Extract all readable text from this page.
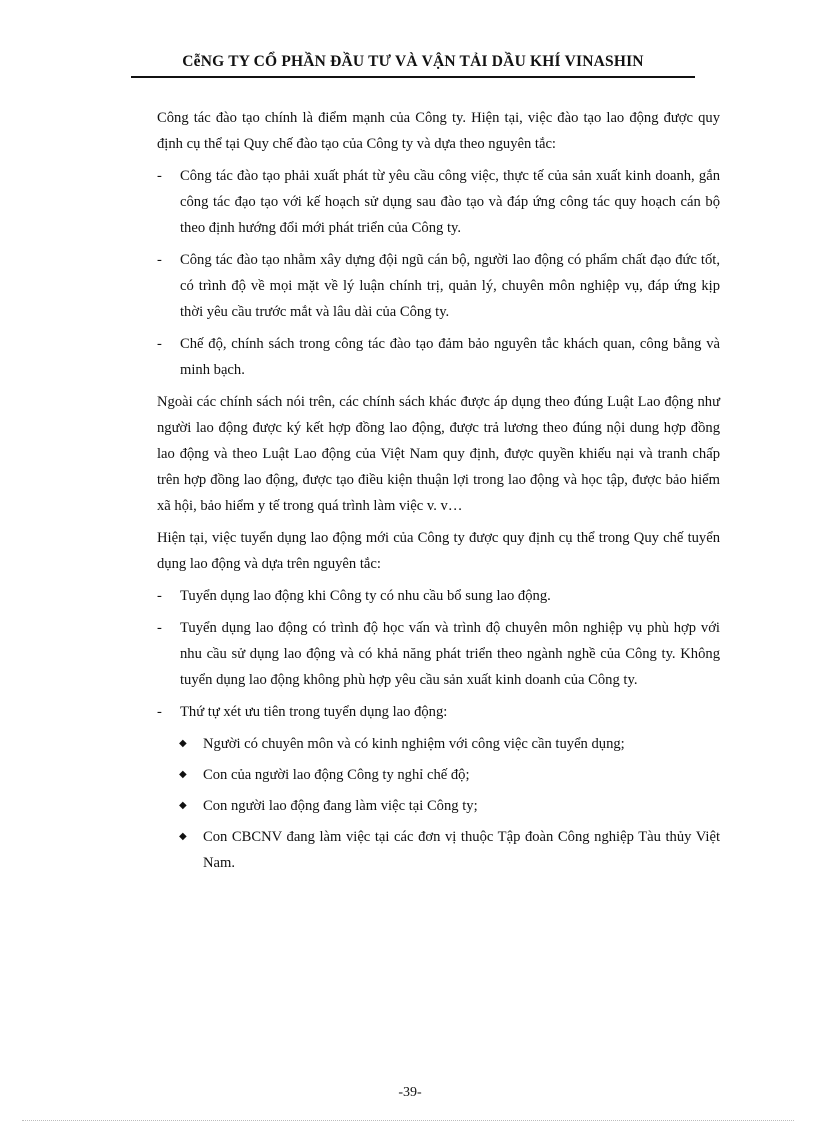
CễNG TY CỔ PHẦN ĐẦU TƯ VÀ VẬN TẢI DẦU KHÍ VINASHIN

Công tác đào tạo chính là điểm mạnh của Công ty. Hiện tại, việc đào tạo lao động được quy định cụ thể tại Quy chế đào tạo của Công ty và dựa theo nguyên tắc:

- Công tác đào tạo phải xuất phát từ yêu cầu công việc, thực tế của sản xuất kinh doanh, gắn công tác đạo tạo với kế hoạch sử dụng sau đào tạo và đáp ứng công tác quy hoạch cán bộ theo định hướng đổi mới phát triển của Công ty.
- Công tác đào tạo nhằm xây dựng đội ngũ cán bộ, người lao động có phẩm chất đạo đức tốt, có trình độ về mọi mặt về lý luận chính trị, quản lý, chuyên môn nghiệp vụ, đáp ứng kịp thời yêu cầu trước mắt và lâu dài của Công ty.
- Chế độ, chính sách trong công tác đào tạo đảm bảo nguyên tắc khách quan, công bằng và minh bạch.

Ngoài các chính sách nói trên, các chính sách khác được áp dụng theo đúng Luật Lao động như người lao động được ký kết hợp đồng lao động, được trả lương theo đúng nội dung hợp đồng lao động và theo Luật Lao động của Việt Nam quy định, được quyền khiếu nại và tranh chấp trên hợp đồng lao động, được tạo điều kiện thuận lợi trong lao động và học tập, được bảo hiểm xã hội, bảo hiểm y tế trong quá trình làm việc v. v…

Hiện tại, việc tuyển dụng lao động mới của Công ty được quy định cụ thể trong Quy chế tuyển dụng lao động và dựa trên nguyên tắc:

- Tuyển dụng lao động khi Công ty có nhu cầu bổ sung lao động.
- Tuyển dụng lao động có trình độ học vấn và trình độ chuyên môn nghiệp vụ phù hợp với nhu cầu sử dụng lao động và có khả năng phát triển theo ngành nghề của Công ty. Không tuyển dụng lao động không phù hợp yêu cầu sản xuất kinh doanh của Công ty.
- Thứ tự xét ưu tiên trong tuyển dụng lao động:
◆ Người có chuyên môn và có kinh nghiệm với công việc cần tuyển dụng;
◆ Con của người lao động Công ty nghỉ chế độ;
◆ Con người lao động đang làm việc tại Công ty;
◆ Con CBCNV đang làm việc tại các đơn vị thuộc Tập đoàn Công nghiệp Tàu thủy Việt Nam.
-39-
